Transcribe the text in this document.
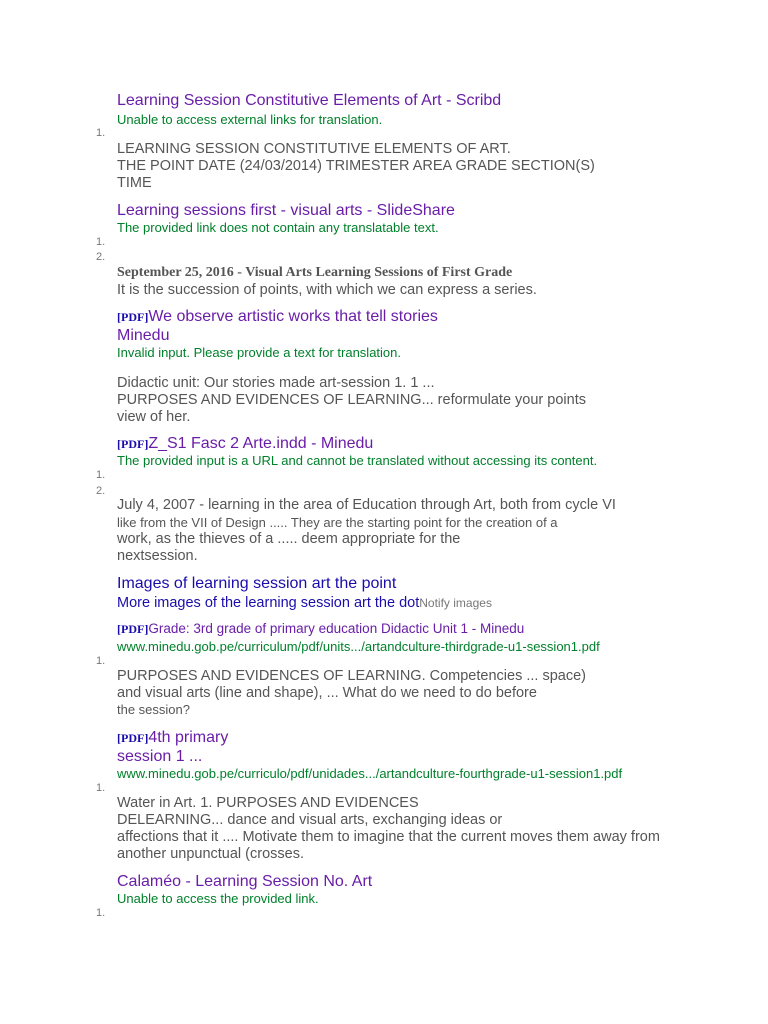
Learning Session Constitutive Elements of Art - Scribd
Unable to access external links for translation.
1.
LEARNING SESSION CONSTITUTIVE ELEMENTS OF ART.
THE POINT DATE (24/03/2014) TRIMESTER AREA GRADE SECTION(S)
TIME
Learning sessions first - visual arts - SlideShare
The provided link does not contain any translatable text.
1.
2.
September 25, 2016 - Visual Arts Learning Sessions of First Grade
It is the succession of points, with which we can express a series.
[PDF]We observe artistic works that tell stories
Minedu
Invalid input. Please provide a text for translation.
Didactic unit: Our stories made art-session 1. 1 ...
PURPOSES AND EVIDENCES OF LEARNING... reformulate your points
view of her.
[PDF]Z_S1 Fasc 2 Arte.indd - Minedu
The provided input is a URL and cannot be translated without accessing its content.
1.
2.
July 4, 2007 - learning in the area of Education through Art, both from cycle VI
like from the VII of Design ..... They are the starting point for the creation of a
work, as the thieves of a ..... deem appropriate for the
nextsession.
Images of learning session art the point
More images of the learning session art the dotNotify images
[PDF]Grade: 3rd grade of primary education Didactic Unit 1 - Minedu
www.minedu.gob.pe/curriculum/pdf/units.../artandculture-thirdgrade-u1-session1.pdf
1.
PURPOSES AND EVIDENCES OF LEARNING. Competencies ... space)
and visual arts (line and shape), ... What do we need to do before
the session?
[PDF]4th primary
session 1 ...
www.minedu.gob.pe/curriculo/pdf/unidades.../artandculture-fourthgrade-u1-session1.pdf
1.
Water in Art. 1. PURPOSES AND EVIDENCES
DELEARNING... dance and visual arts, exchanging ideas or
affections that it .... Motivate them to imagine that the current moves them away from
another unpunctual (crosses.
Calaméo - Learning Session No. Art
Unable to access the provided link.
1.
